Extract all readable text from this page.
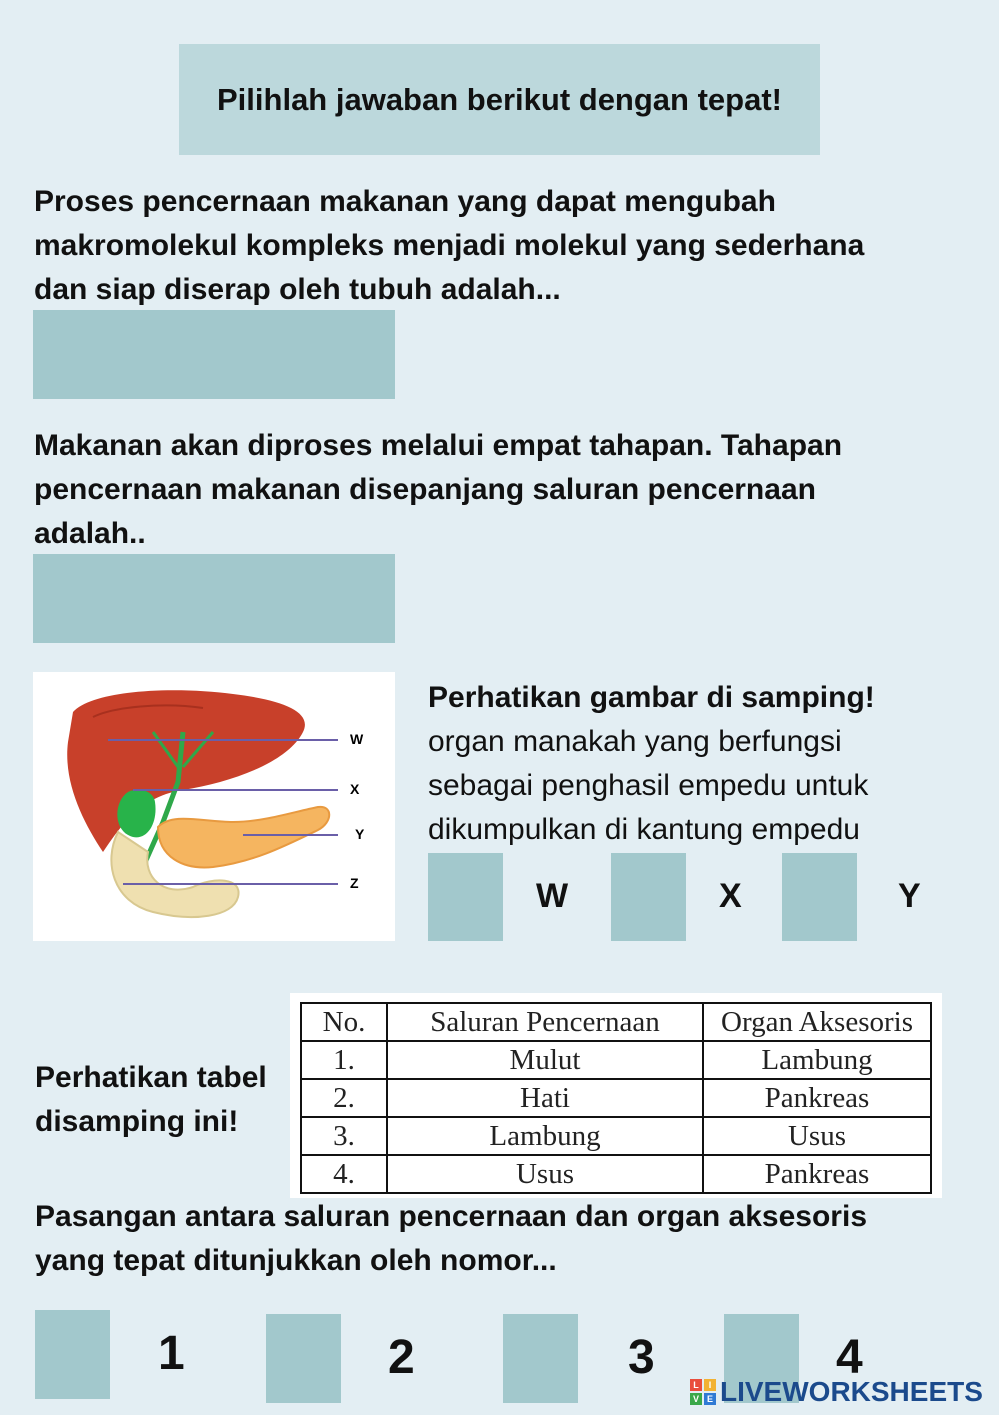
Pilihlah jawaban berikut dengan tepat!
Proses pencernaan makanan yang dapat mengubah
makromolekul kompleks menjadi molekul yang sederhana
dan siap diserap oleh tubuh adalah...
Makanan akan diproses melalui empat tahapan. Tahapan
pencernaan makanan disepanjang saluran pencernaan
adalah..
W
X
Y
Z
Perhatikan gambar di samping!
organ manakah yang berfungsi
sebagai penghasil empedu untuk
dikumpulkan di kantung empedu
W	X	Y
Perhatikan tabel
disamping ini!
No.	Saluran Pencernaan	Organ Aksesoris
1.	Mulut	Lambung
2.	Hati	Pankreas
3.	Lambung	Usus
4.	Usus	Pankreas
Pasangan antara saluran pencernaan dan organ aksesoris
yang tepat ditunjukkan oleh nomor...
1	2	3	4
L	I
V E LIVEWORKSHEETS
